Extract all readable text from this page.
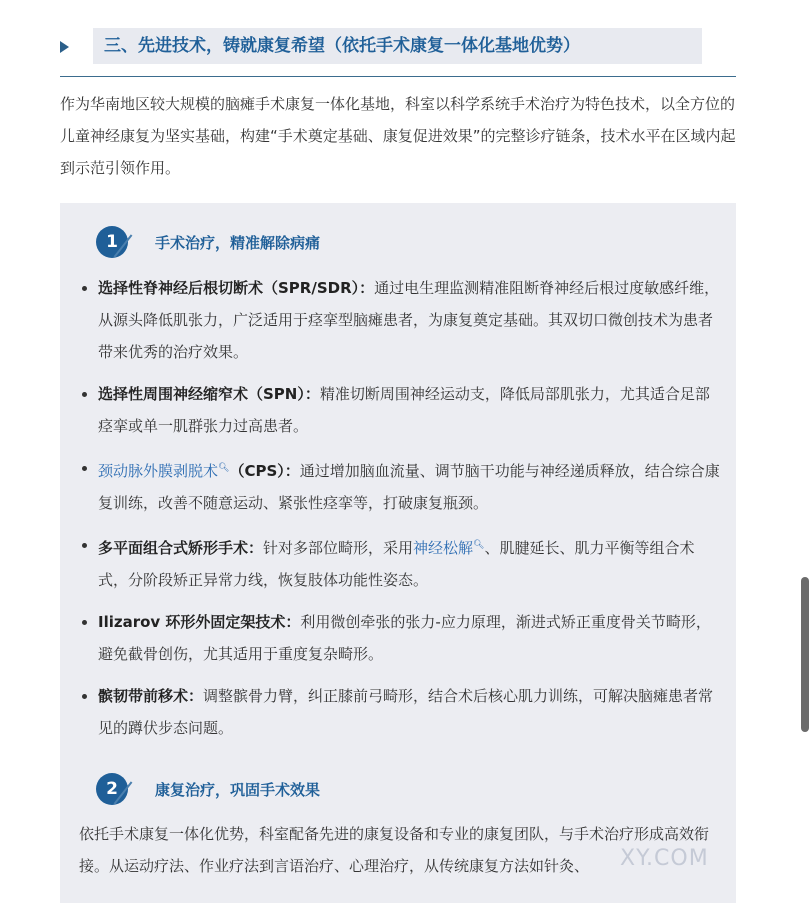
三、先进技术，铸就康复希望（依托手术康复一体化基地优势）
作为华南地区较大规模的脑瘫手术康复一体化基地，科室以科学系统手术治疗为特色技术，以全方位的儿童神经康复为坚实基础，构建“手术奠定基础、康复促进效果”的完整诊疗链条，技术水平在区域内起到示范引领作用。
1	手术治疗，精准解除病痛
选择性脊神经后根切断术（SPR/SDR）：通过电生理监测精准阻断脊神经后根过度敏感纤维，从源头降低肌张力，广泛适用于痉挛型脑瘫患者，为康复奠定基础。其双切口微创技术为患者带来优秀的治疗效果。
选择性周围神经缩窄术（SPN）：精准切断周围神经运动支，降低局部肌张力，尤其适合足部痉挛或单一肌群张力过高患者。
颈动脉外膜剥脱术🔍︎（CPS）：通过增加脑血流量、调节脑干功能与神经递质释放，结合综合康复训练，改善不随意运动、紧张性痉挛等，打破康复瓶颈。
多平面组合式矫形手术：针对多部位畸形，采用神经松解🔍︎、肌腱延长、肌力平衡等组合术式，分阶段矫正异常力线，恢复肢体功能性姿态。
Ilizarov 环形外固定架技术：利用微创牵张的张力-应力原理，渐进式矫正重度骨关节畸形，避免截骨创伤，尤其适用于重度复杂畸形。
髌韧带前移术：调整髌骨力臂，纠正膝前弓畸形，结合术后核心肌力训练，可解决脑瘫患者常见的蹲伏步态问题。
2	康复治疗，巩固手术效果
依托手术康复一体化优势，科室配备先进的康复设备和专业的康复团队，与手术治疗形成高效衔接。从运动疗法、作业疗法到言语治疗、心理治疗，从传统康复方法如针灸、	XY.COM
